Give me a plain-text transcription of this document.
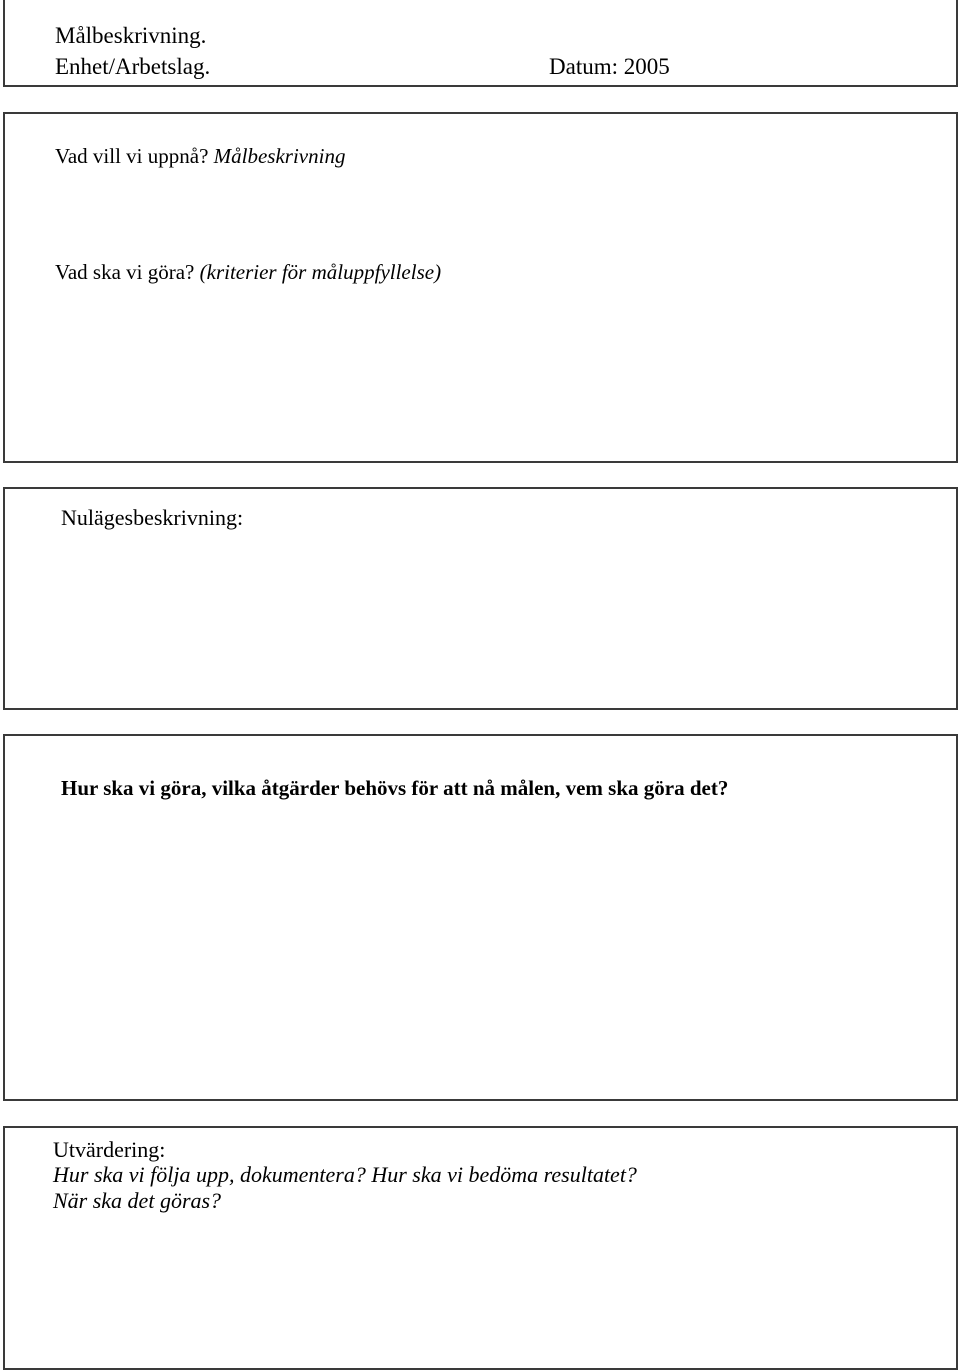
Målbeskrivning.
Enhet/Arbetslag.	Datum: 2005
Vad vill vi uppnå? Målbeskrivning
Vad ska vi göra? (kriterier för måluppfyllelse)
Nulägesbeskrivning:
Hur ska vi göra, vilka åtgärder behövs för att nå målen, vem ska göra det?
Utvärdering:
Hur ska vi följa upp, dokumentera? Hur ska vi bedöma resultatet?
När ska det göras?
